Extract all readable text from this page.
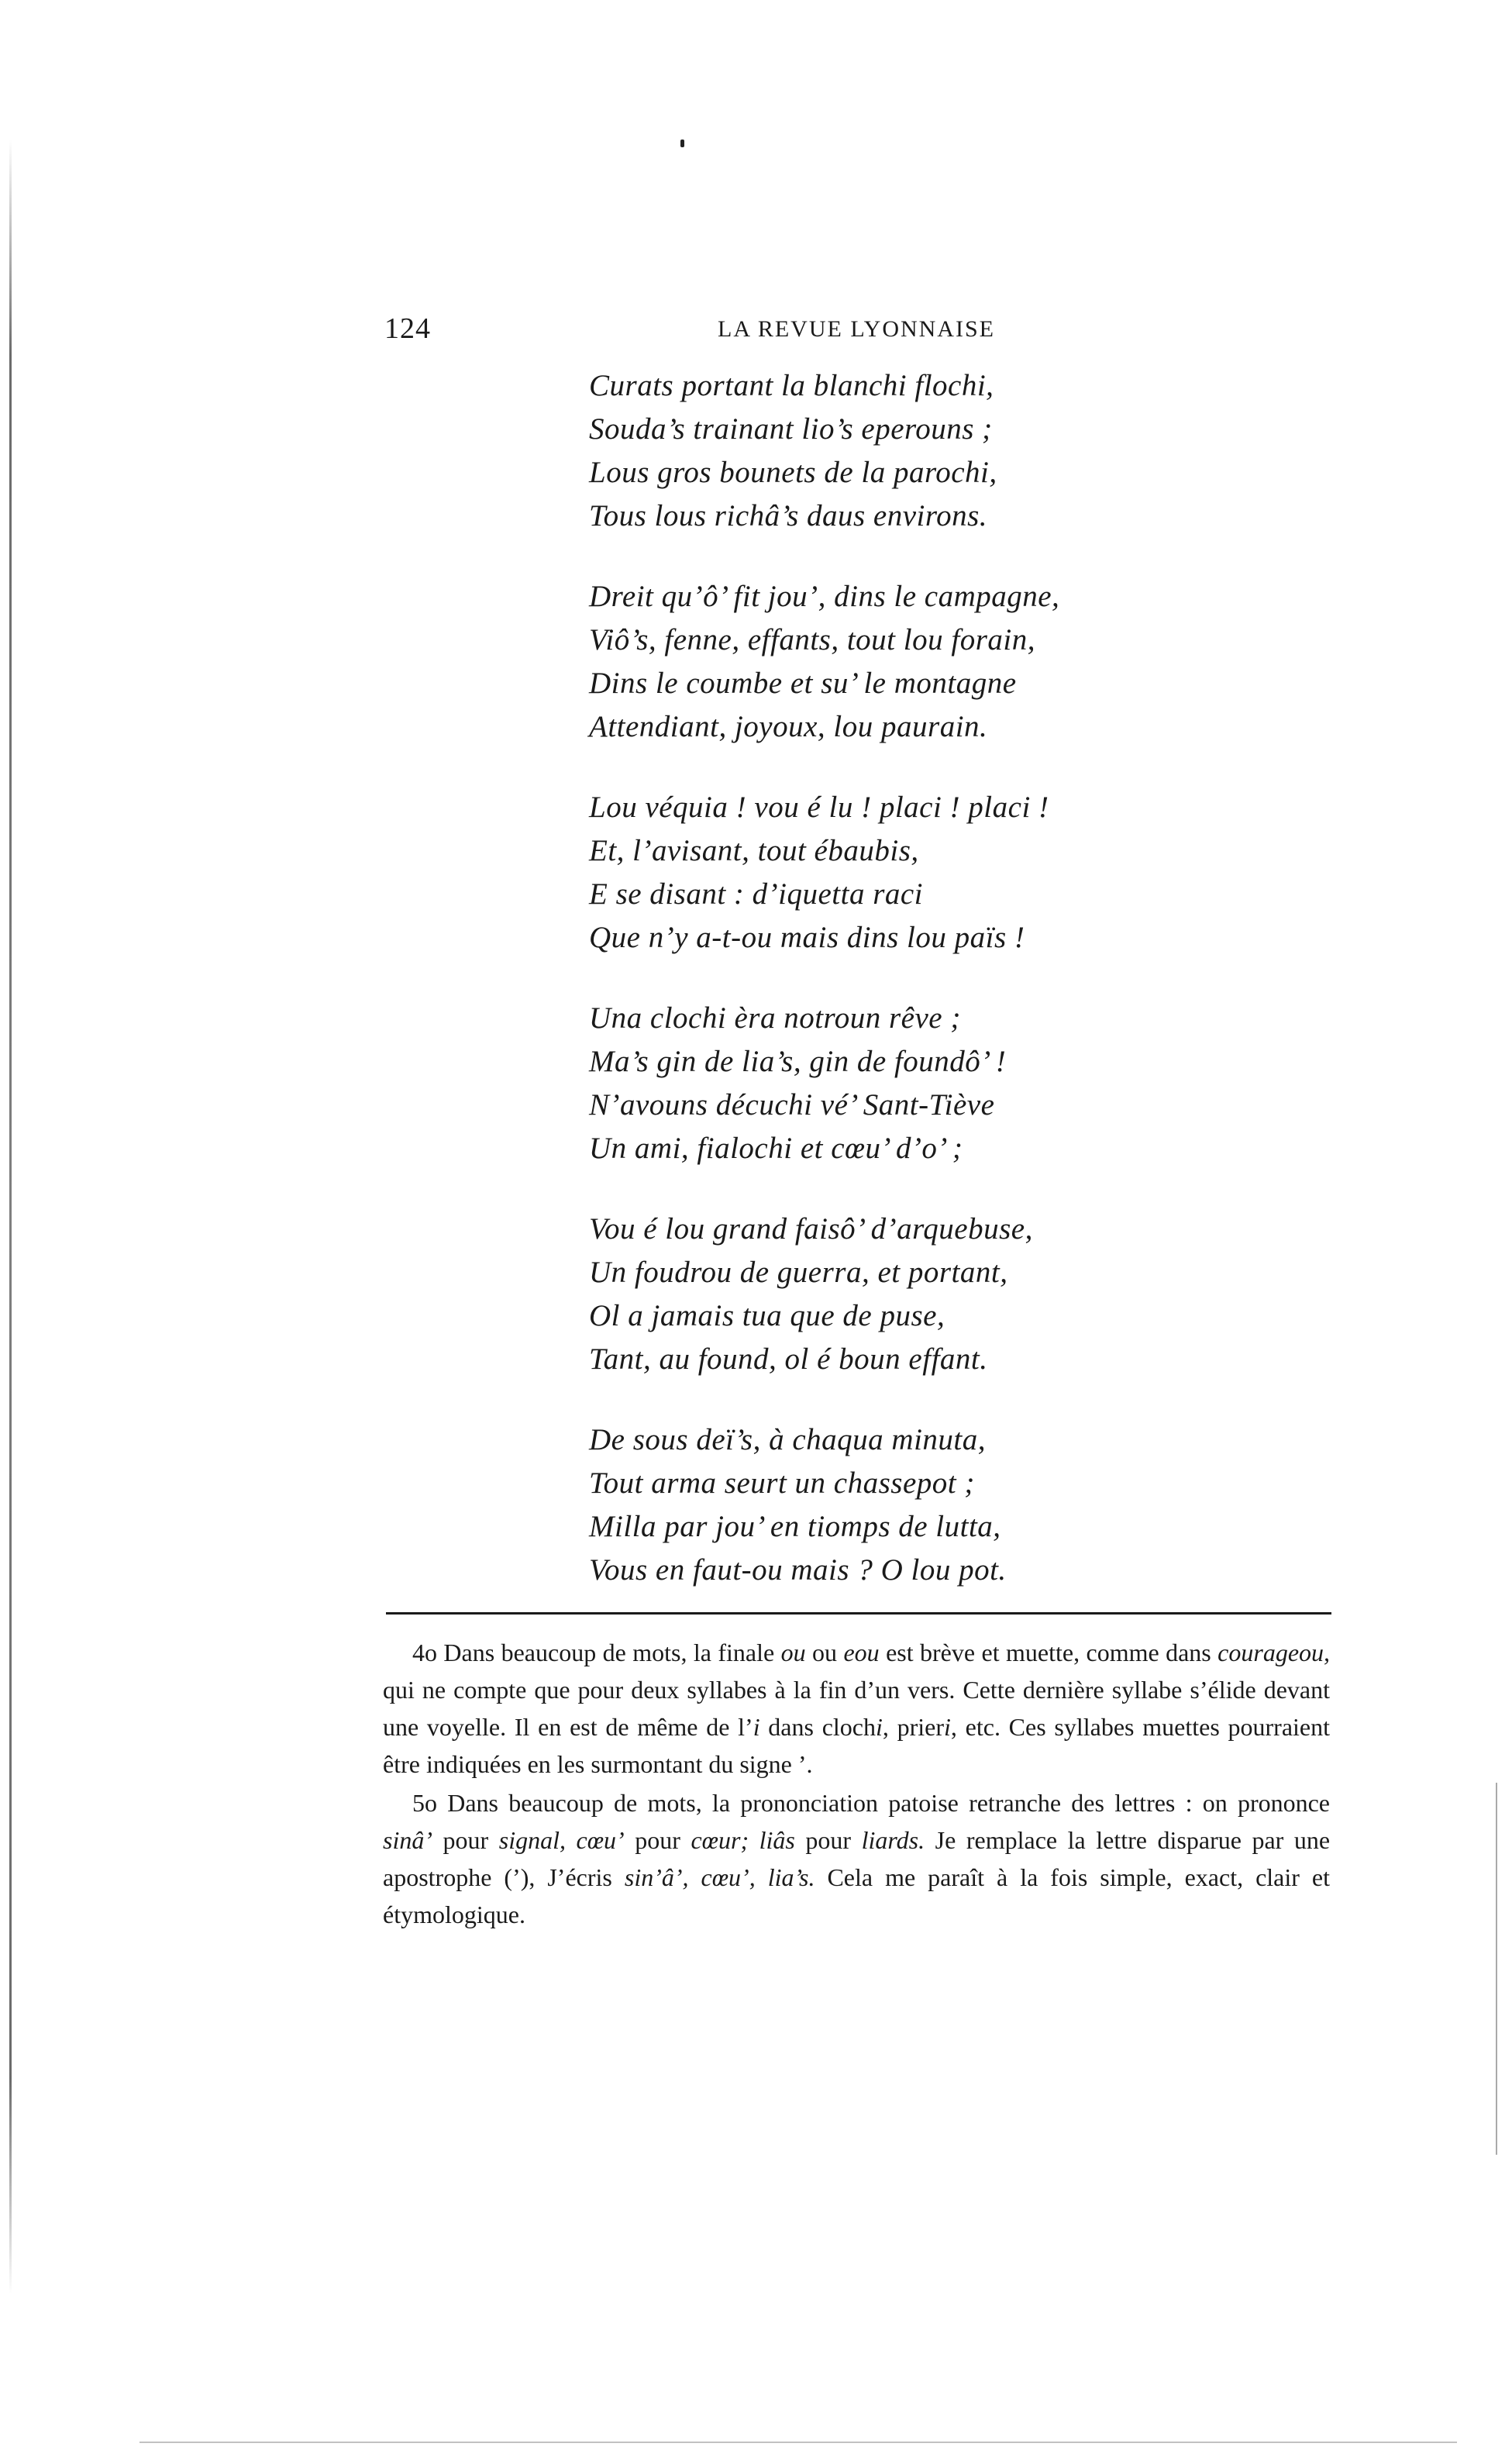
124	LA REVUE LYONNAISE
Curats portant la blanchi flochi,
Souda’s trainant lio’s eperouns ;
Lous gros bounets de la parochi,
Tous lous richâ’s daus environs.
Dreit qu’ô’ fit jou’, dins le campagne,
Viô’s, fenne, effants, tout lou forain,
Dins le coumbe et su’ le montagne
Attendiant, joyoux, lou paurain.
Lou véquia ! vou é lu ! placi ! placi !
Et, l’avisant, tout ébaubis,
E se disant : d’iquetta raci
Que n’y a-t-ou mais dins lou païs !
Una clochi èra notroun rêve ;
Ma’s gin de lia’s, gin de foundô’ !
N’avouns décuchi vé’ Sant-Tiève
Un ami, fialochi et cœu’ d’o’ ;
Vou é lou grand faisô’ d’arquebuse,
Un foudrou de guerra, et portant,
Ol a jamais tua que de puse,
Tant, au found, ol é boun effant.
De sous deï’s, à chaqua minuta,
Tout arma seurt un chassepot ;
Milla par jou’ en tiomps de lutta,
Vous en faut-ou mais ? O lou pot.

4o Dans beaucoup de mots, la finale ou ou eou est brève et muette, comme dans courageou, qui ne compte que pour deux syllabes à la fin d’un vers. Cette dernière syllabe s’élide devant une voyelle. Il en est de même de l’i dans clochi, prieri, etc. Ces syllabes muettes pourraient être indiquées en les surmontant du signe ’.

5o Dans beaucoup de mots, la prononciation patoise retranche des lettres : on prononce sinâ’ pour signal, cœu’ pour cœur; liâs pour liards. Je remplace la lettre disparue par une apostrophe (’), J’écris sin’â’, cœu’, lia’s. Cela me paraît à la fois simple, exact, clair et étymologique.
